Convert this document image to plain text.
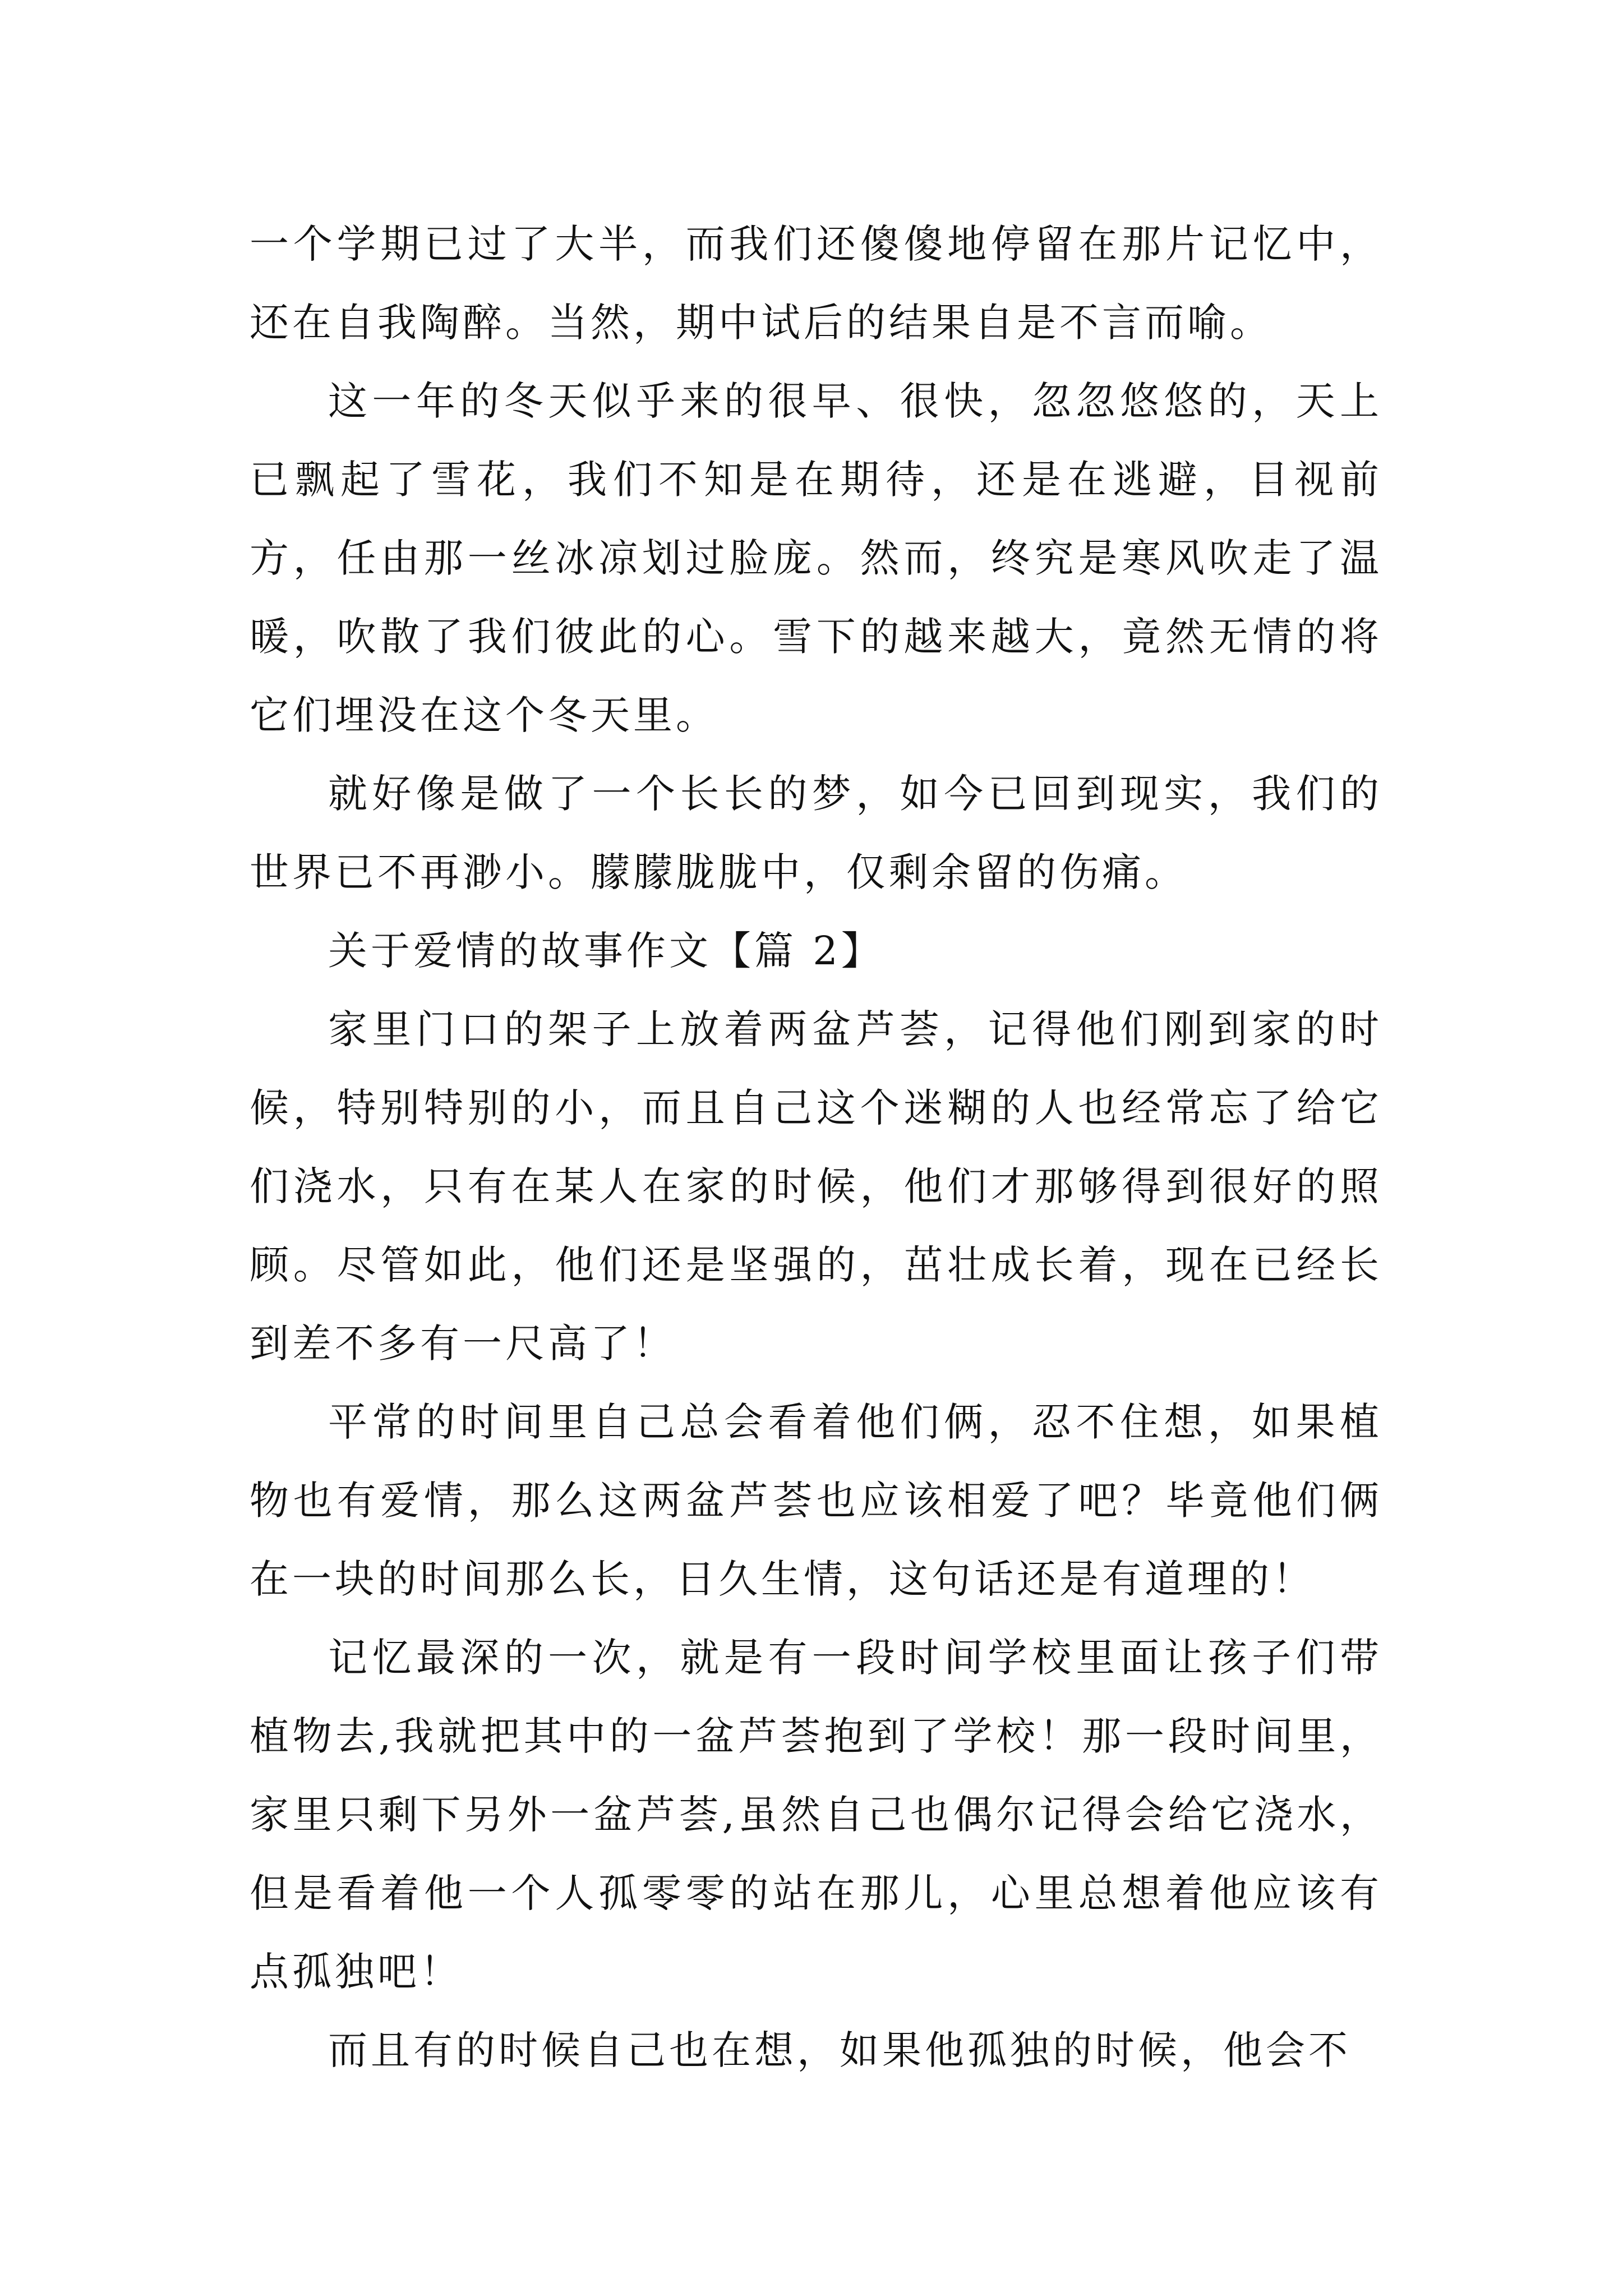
一个学期已过了大半，而我们还傻傻地停留在那片记忆中，还在自我陶醉。当然，期中试后的结果自是不言而喻。

这一年的冬天似乎来的很早、很快，忽忽悠悠的，天上已飘起了雪花，我们不知是在期待，还是在逃避，目视前方，任由那一丝冰凉划过脸庞。然而，终究是寒风吹走了温暖，吹散了我们彼此的心。雪下的越来越大，竟然无情的将它们埋没在这个冬天里。

就好像是做了一个长长的梦，如今已回到现实，我们的世界已不再渺小。朦朦胧胧中，仅剩余留的伤痛。

关于爱情的故事作文【篇 2】

家里门口的架子上放着两盆芦荟，记得他们刚到家的时候，特别特别的小，而且自己这个迷糊的人也经常忘了给它们浇水，只有在某人在家的时候，他们才那够得到很好的照顾。尽管如此，他们还是坚强的，茁壮成长着，现在已经长到差不多有一尺高了！

平常的时间里自己总会看着他们俩，忍不住想，如果植物也有爱情，那么这两盆芦荟也应该相爱了吧？毕竟他们俩在一块的时间那么长，日久生情，这句话还是有道理的！

记忆最深的一次，就是有一段时间学校里面让孩子们带植物去,我就把其中的一盆芦荟抱到了学校！那一段时间里，家里只剩下另外一盆芦荟,虽然自己也偶尔记得会给它浇水，但是看着他一个人孤零零的站在那儿，心里总想着他应该有点孤独吧！

而且有的时候自己也在想，如果他孤独的时候，他会不
